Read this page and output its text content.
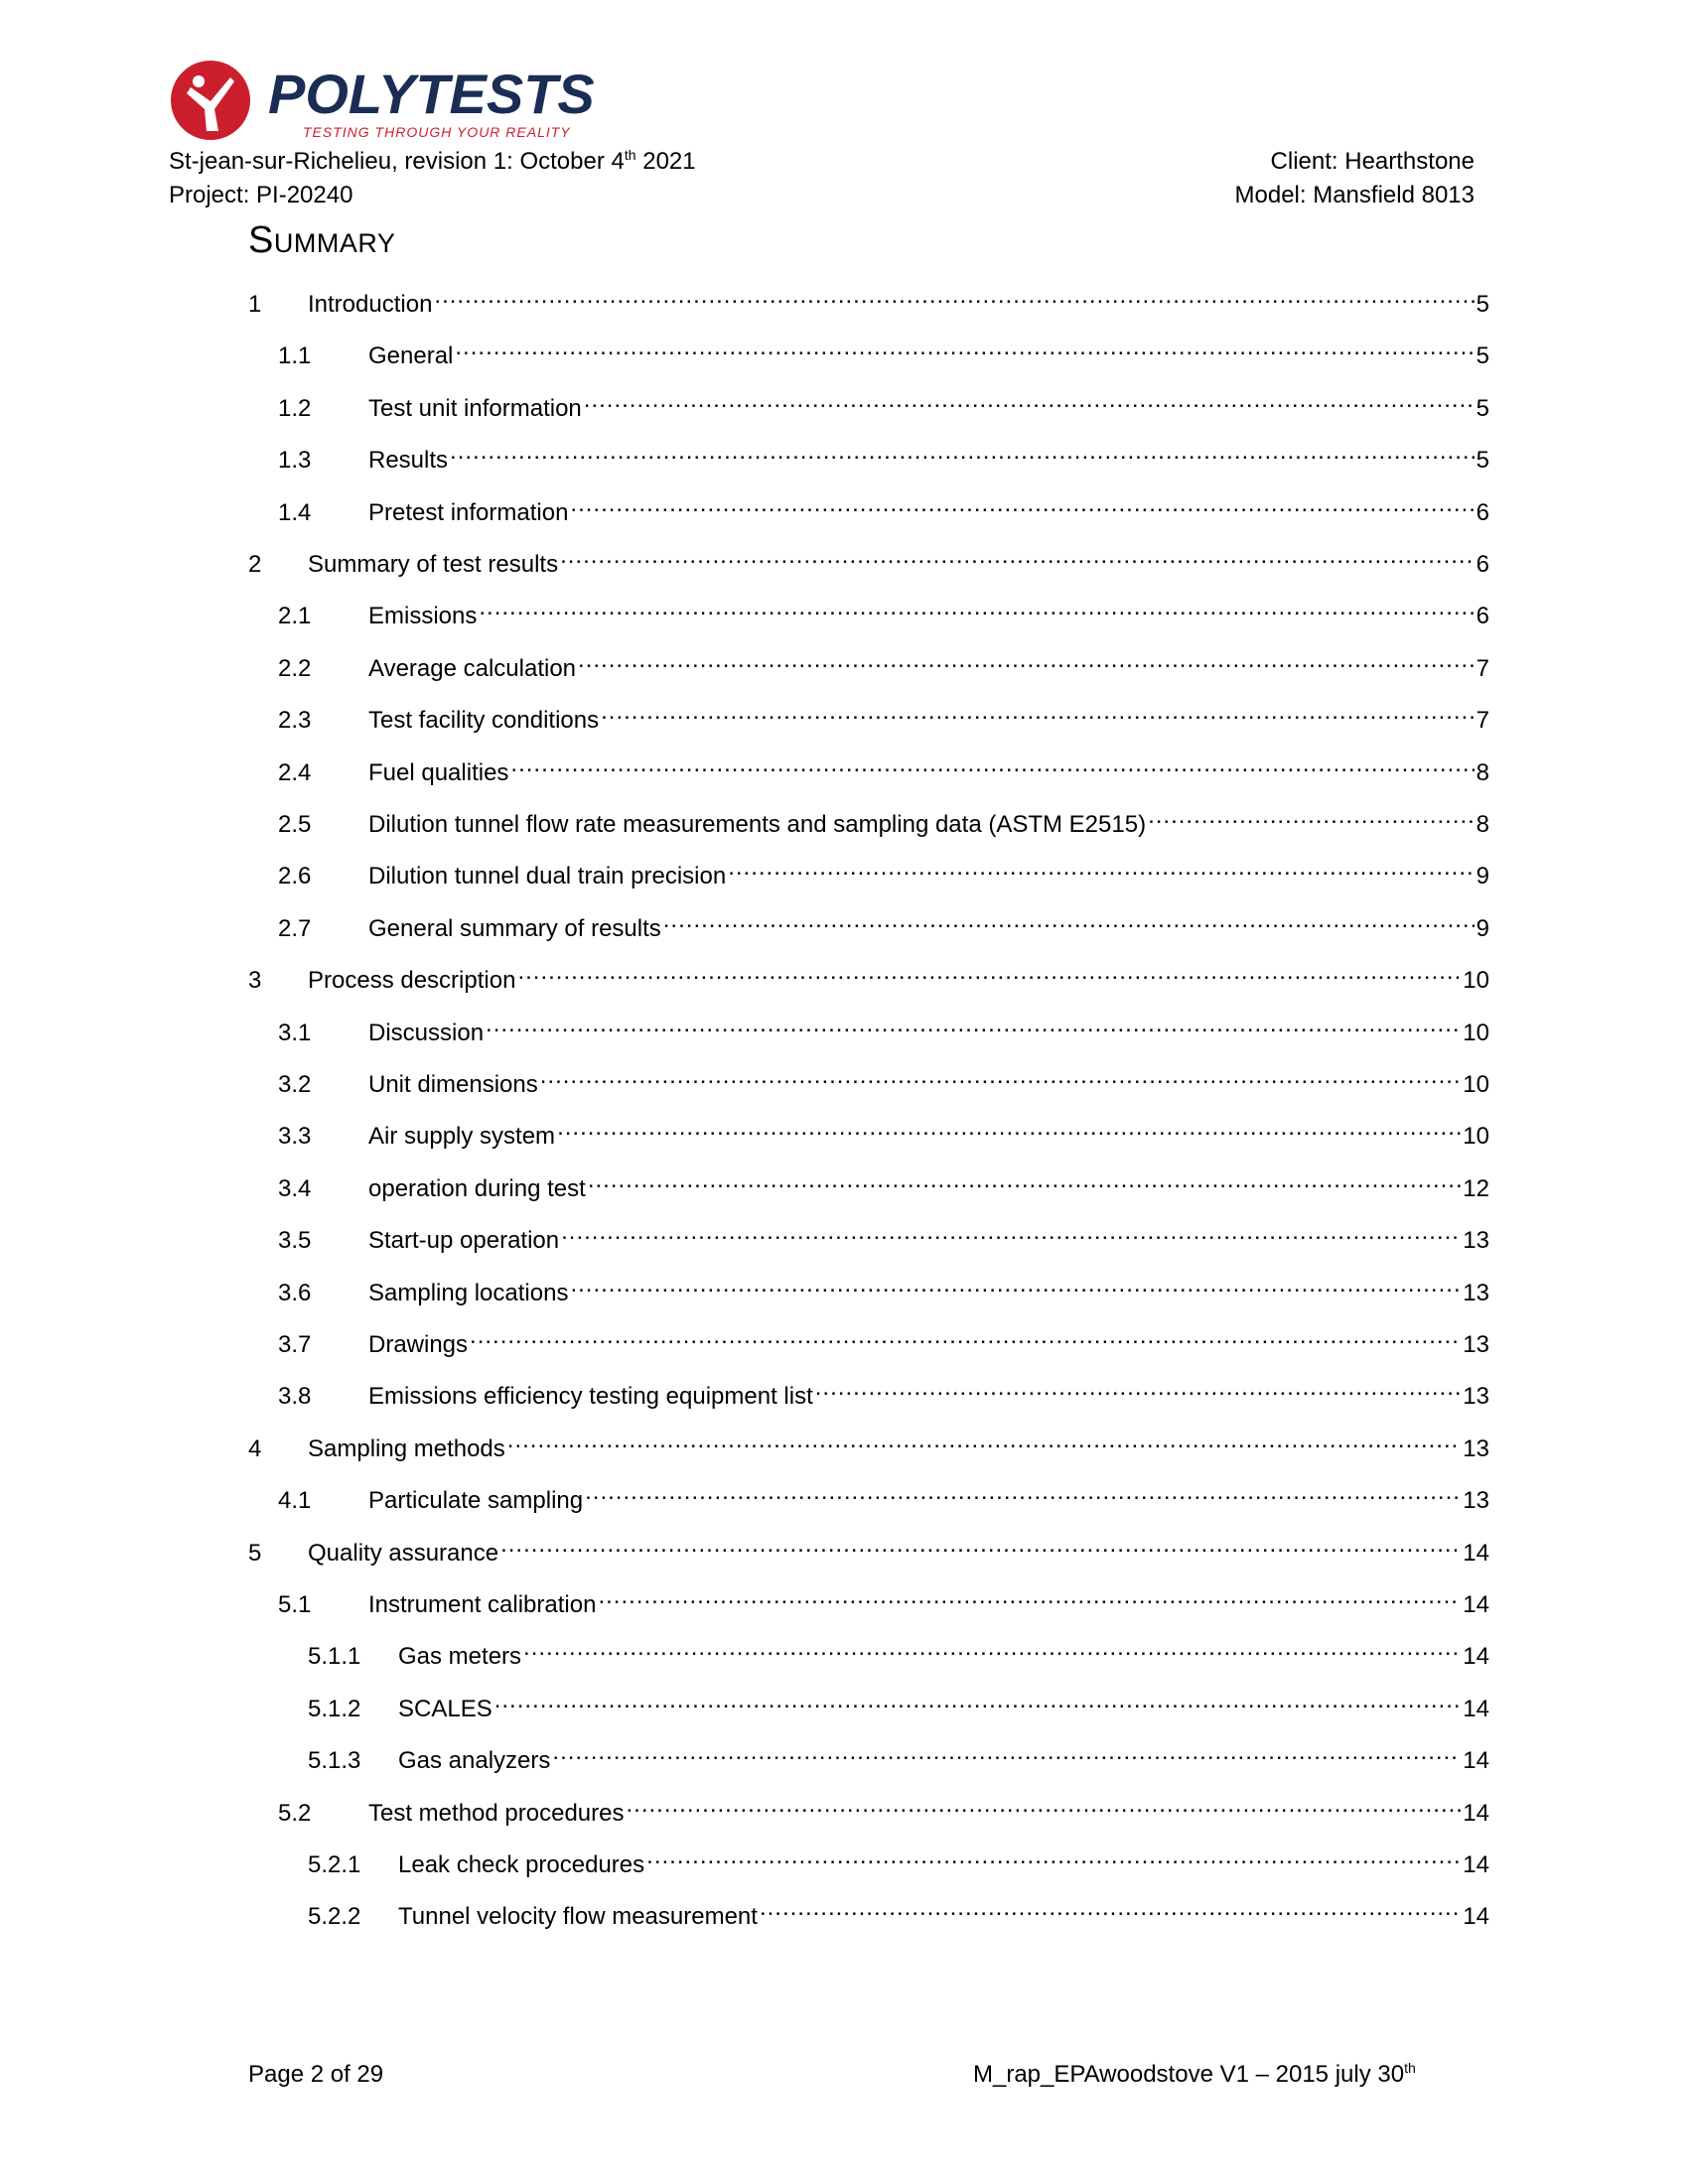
POLYTESTS
TESTING THROUGH YOUR REALITY
St-jean-sur-Richelieu, revision 1: October 4th 2021
Project: PI-20240
Client: Hearthstone
Model: Mansfield 8013
Summary
1	Introduction .....	5
1.1	General .....	5
1.2	Test unit information .....	5
1.3	Results .....	5
1.4	Pretest information .....	6
2	Summary of test results .....	6
2.1	Emissions .....	6
2.2	Average calculation .....	7
2.3	Test facility conditions .....	7
2.4	Fuel qualities .....	8
2.5	Dilution tunnel flow rate measurements and sampling data (ASTM E2515) .....	8
2.6	Dilution tunnel dual train precision .....	9
2.7	General summary of results .....	9
3	Process description .....	10
3.1	Discussion .....	10
3.2	Unit dimensions .....	10
3.3	Air supply system .....	10
3.4	operation during test .....	12
3.5	Start-up operation .....	13
3.6	Sampling locations .....	13
3.7	Drawings .....	13
3.8	Emissions efficiency testing equipment list .....	13
4	Sampling methods .....	13
4.1	Particulate sampling .....	13
5	Quality assurance .....	14
5.1	Instrument calibration .....	14
5.1.1	Gas meters .....	14
5.1.2	SCALES .....	14
5.1.3	Gas analyzers .....	14
5.2	Test method procedures .....	14
5.2.1	Leak check procedures .....	14
5.2.2	Tunnel velocity flow measurement .....	14
Page 2 of 29	M_rap_EPAwoodstove V1 – 2015 july 30th
